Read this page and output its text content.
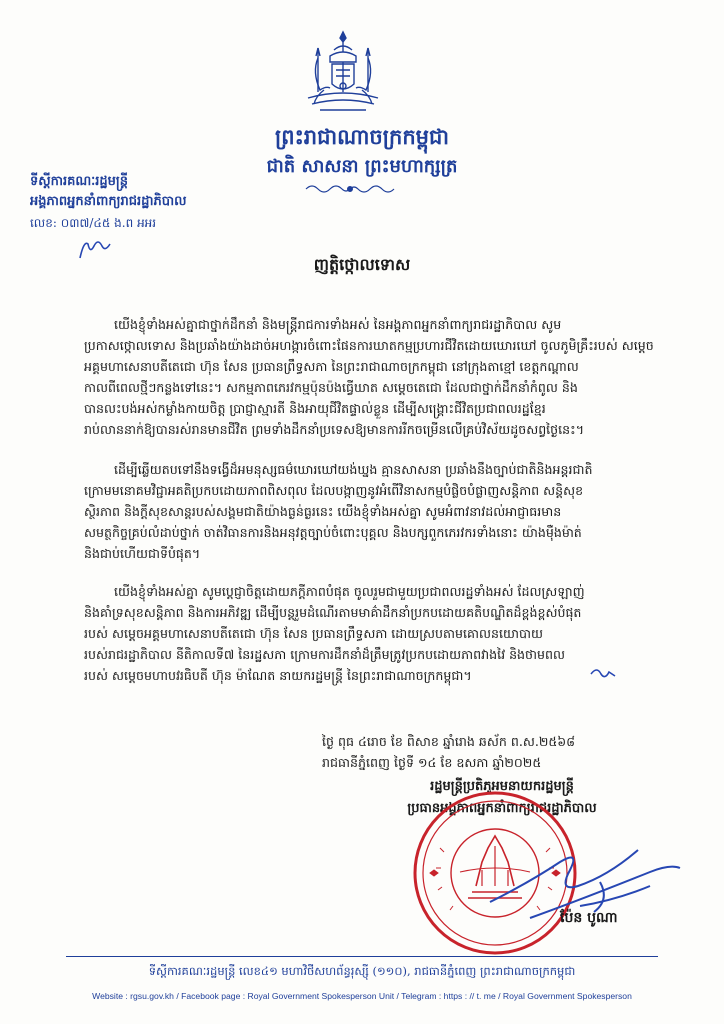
ព្រះរាជាណាចក្រកម្ពុជា
ជាតិ សាសនា ព្រះមហាក្សត្រ
ទីស្ដីការគណៈរដ្ឋមន្ត្រី
អង្គភាពអ្នកនាំពាក្យរាជរដ្ឋាភិបាល
លេខ: ០៣៧/៤៥ ង.ព អអរ
ញត្តិថ្កោលទោស
យើងខ្ញុំទាំងអស់គ្នាជាថ្នាក់ដឹកនាំ និងមន្ត្រីរាជការទាំងអស់ នៃអង្គភាពអ្នកនាំពាក្យរាជរដ្ឋាភិបាល សូម
ប្រកាសថ្កោលទោស និងប្រឆាំងយ៉ាងដាច់អហង្ការចំពោះផែនការឃាតកម្មប្រហារជីវិតដោយឃោរឃៅ ចូលភូមិគ្រឹះរបស់ សម្ដេច
អគ្គមហាសេនាបតីតេជោ ហ៊ុន សែន ប្រធានព្រឹទ្ធសភា នៃព្រះរាជាណាចក្រកម្ពុជា នៅក្រុងតាខ្មៅ ខេត្តកណ្ដាល
កាលពីពេលថ្មីៗកន្លងទៅនេះ។ សកម្មភាពភេរវកម្មប៉ុនប៉ងធ្វើឃាត សម្ដេចតេជោ ដែលជាថ្នាក់ដឹកនាំកំពូល និង
បានលះបង់អស់កម្លាំងកាយចិត្ត ប្រាជ្ញាស្មារតី និងអាយុជីវិតផ្ទាល់ខ្លួន ដើម្បីសង្គ្រោះជីវិតប្រជាពលរដ្ឋខ្មែរ
រាប់លាននាក់ឱ្យបានរស់រានមានជីវិត ព្រមទាំងដឹកនាំប្រទេសឱ្យមានការរីកចម្រើនលើគ្រប់វិស័យដូចសព្វថ្ងៃនេះ។
ដើម្បីឆ្លើយតបទៅនឹងទង្វើដ៏អមនុស្សធម៌ឃោរឃៅយង់ឃ្នង គ្មានសាសនា ប្រឆាំងនឹងច្បាប់ជាតិនិងអន្តរជាតិ
ក្រោមមនោគមវិជ្ជាអគតិប្រកបដោយភាពពិសពុល ដែលបង្កាញនូវអំពើវិនាសកម្មបំផ្លិចបំផ្លាញសន្តិភាព សន្តិសុខ
ស្ថិរភាព និងក្ដីសុខសាន្តរបស់សង្គមជាតិយ៉ាងធ្ងន់ធ្ងរនេះ យើងខ្ញុំទាំងអស់គ្នា សូមអំពាវនាវដល់អាជ្ញាធរមាន
សមត្ថកិច្ចគ្រប់លំដាប់ថ្នាក់ ចាត់វិធានការនិងអនុវត្តច្បាប់ចំពោះបុគ្គល និងបក្សពួកភេរវករទាំងនោះ យ៉ាងម៉ឺងម៉ាត់
និងជាប់ហើយជាទីបំផុត។
យើងខ្ញុំទាំងអស់គ្នា សូមប្ដេជ្ញាចិត្តដោយភក្ដីភាពបំផុត ចូលរួមជាមួយប្រជាពលរដ្ឋទាំងអស់ ដែលស្រឡាញ់
និងគាំទ្រសុខសន្តិភាព និងការអភិវឌ្ឍ ដើម្បីបន្តរួមដំណើរតាមមាគ៌ាដឹកនាំប្រកបដោយគតិបណ្ឌិតដ៏ខ្ពង់ខ្ពស់បំផុត
របស់ សម្ដេចអគ្គមហាសេនាបតីតេជោ ហ៊ុន សែន ប្រធានព្រឹទ្ធសភា ដោយស្របតាមគោលនយោបាយ
របស់រាជរដ្ឋាភិបាល នីតិកាលទី៧ នៃរដ្ឋសភា ក្រោមការដឹកនាំដ៏ត្រឹមត្រូវប្រកបដោយភាពវាងវៃ និងថាមពល
របស់ សម្ដេចមហាបវរធិបតី ហ៊ុន ម៉ាណែត នាយករដ្ឋមន្ត្រី នៃព្រះរាជាណាចក្រកម្ពុជា។
ថ្ងៃ ពុធ ៤រោច ខែ ពិសាខ ឆ្នាំរោង ឆស័ក ព.ស.២៥៦៨
រាជធានីភ្នំពេញ ថ្ងៃទី ១៤ ខែ ឧសភា ឆ្នាំ២០២៥
រដ្ឋមន្ត្រីប្រតិភូអមនាយករដ្ឋមន្ត្រី
ប្រធានអង្គភាពអ្នកនាំពាក្យរាជរដ្ឋាភិបាល
ប៉ែន បូណា
ទីស្ដីការគណៈរដ្ឋមន្ត្រី លេខ៤១ មហាវិថីសហព័ន្ធរុស្ស៊ី (១១០), រាជធានីភ្នំពេញ ព្រះរាជាណាចក្រកម្ពុជា
Website : rgsu.gov.kh / Facebook page : Royal Government Spokesperson Unit / Telegram : https : // t. me / Royal Government Spokesperson
